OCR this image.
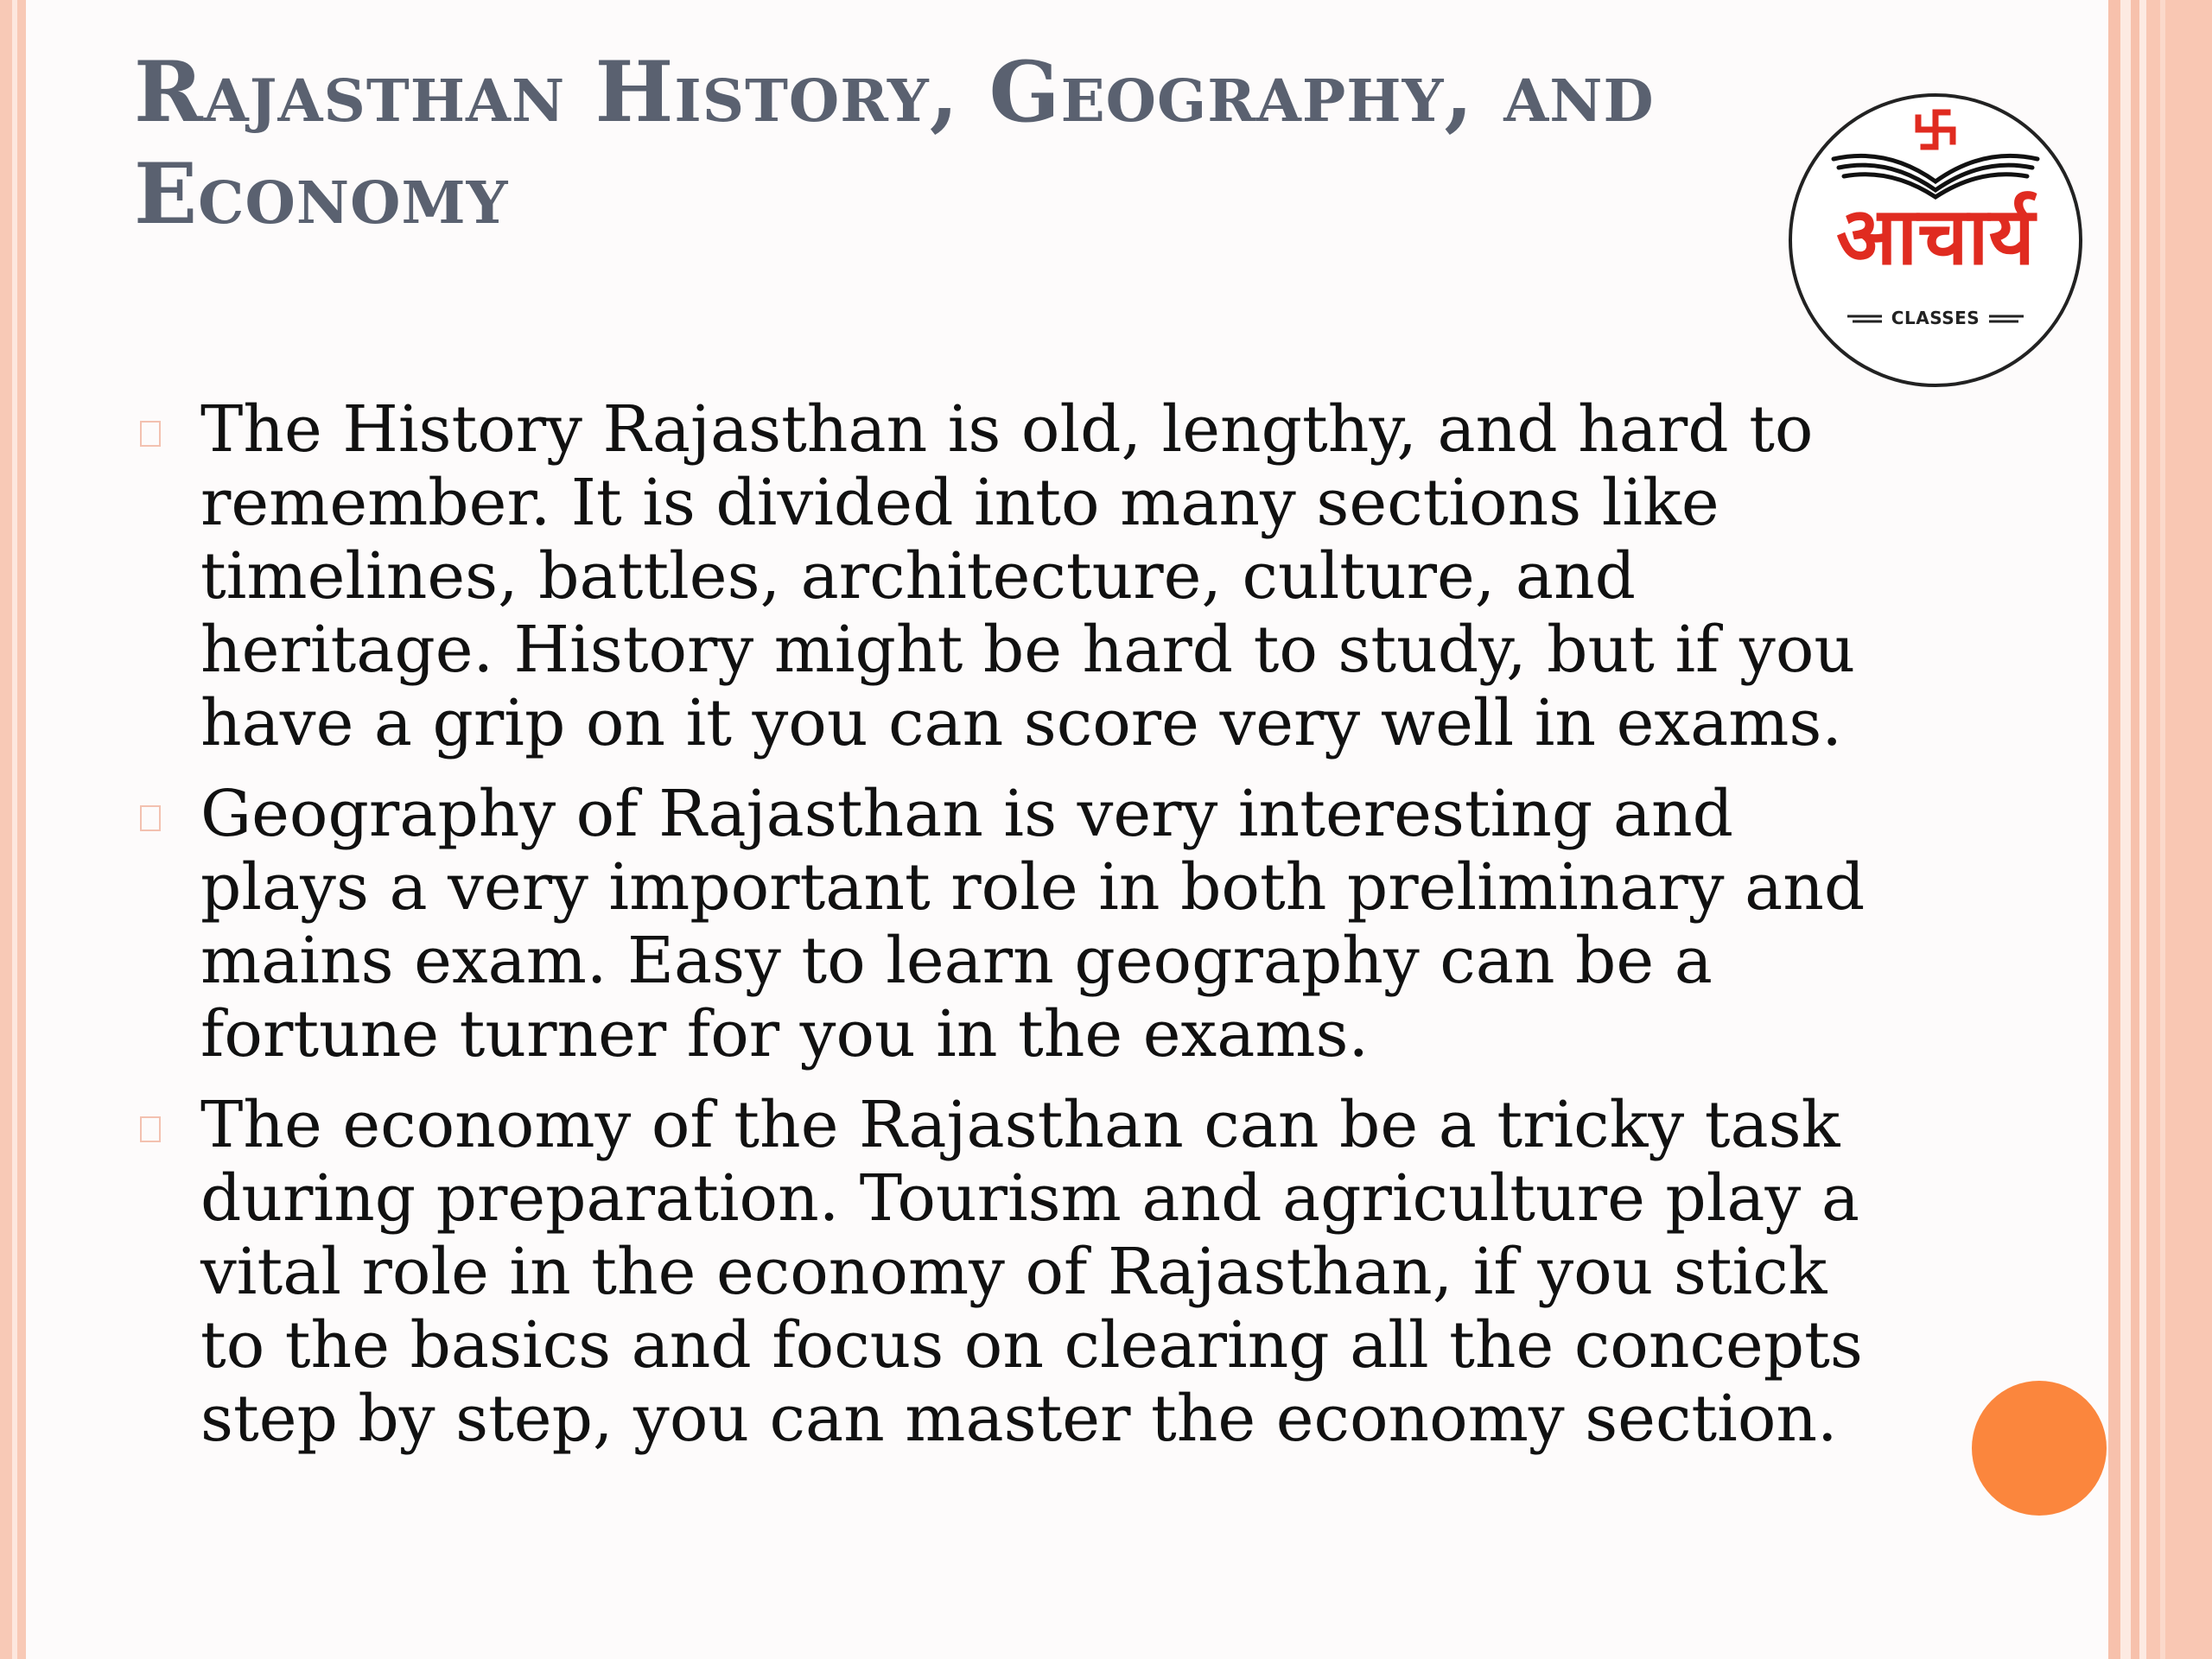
Rajasthan History, Geography, and Economy	आचार्य
CLASSES
The History Rajasthan is old, lengthy, and hard to remember. It is divided into many sections like timelines, battles, architecture, culture, and heritage. History might be hard to study, but if you have a grip on it you can score very well in exams.
Geography of Rajasthan is very interesting and plays a very important role in both preliminary and mains exam. Easy to learn geography can be a fortune turner for you in the exams.
The economy of the Rajasthan can be a tricky task during preparation. Tourism and agriculture play a vital role in the economy of Rajasthan, if you stick to the basics and focus on clearing all the concepts step by step, you can master the economy section.
